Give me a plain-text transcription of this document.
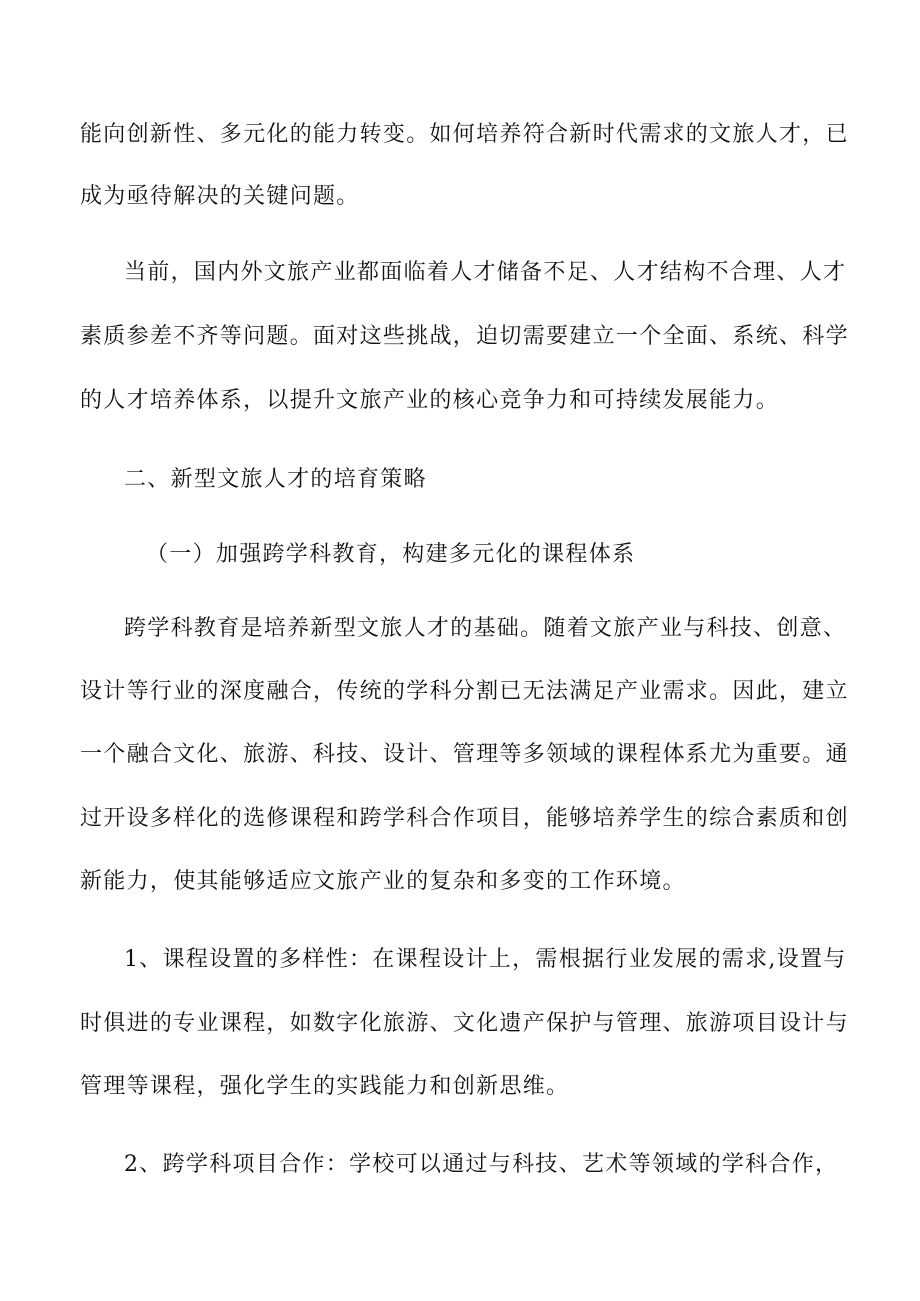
能向创新性、多元化的能力转变。如何培养符合新时代需求的文旅人才，已
成为亟待解决的关键问题。
当前，国内外文旅产业都面临着人才储备不足、人才结构不合理、人才
素质参差不齐等问题。面对这些挑战，迫切需要建立一个全面、系统、科学
的人才培养体系，以提升文旅产业的核心竞争力和可持续发展能力。
二、新型文旅人才的培育策略
（一）加强跨学科教育，构建多元化的课程体系
跨学科教育是培养新型文旅人才的基础。随着文旅产业与科技、创意、
设计等行业的深度融合，传统的学科分割已无法满足产业需求。因此，建立
一个融合文化、旅游、科技、设计、管理等多领域的课程体系尤为重要。通
过开设多样化的选修课程和跨学科合作项目，能够培养学生的综合素质和创
新能力，使其能够适应文旅产业的复杂和多变的工作环境。
1、课程设置的多样性：在课程设计上，需根据行业发展的需求,设置与
时俱进的专业课程，如数字化旅游、文化遗产保护与管理、旅游项目设计与
管理等课程，强化学生的实践能力和创新思维。
2、跨学科项目合作：学校可以通过与科技、艺术等领域的学科合作，
